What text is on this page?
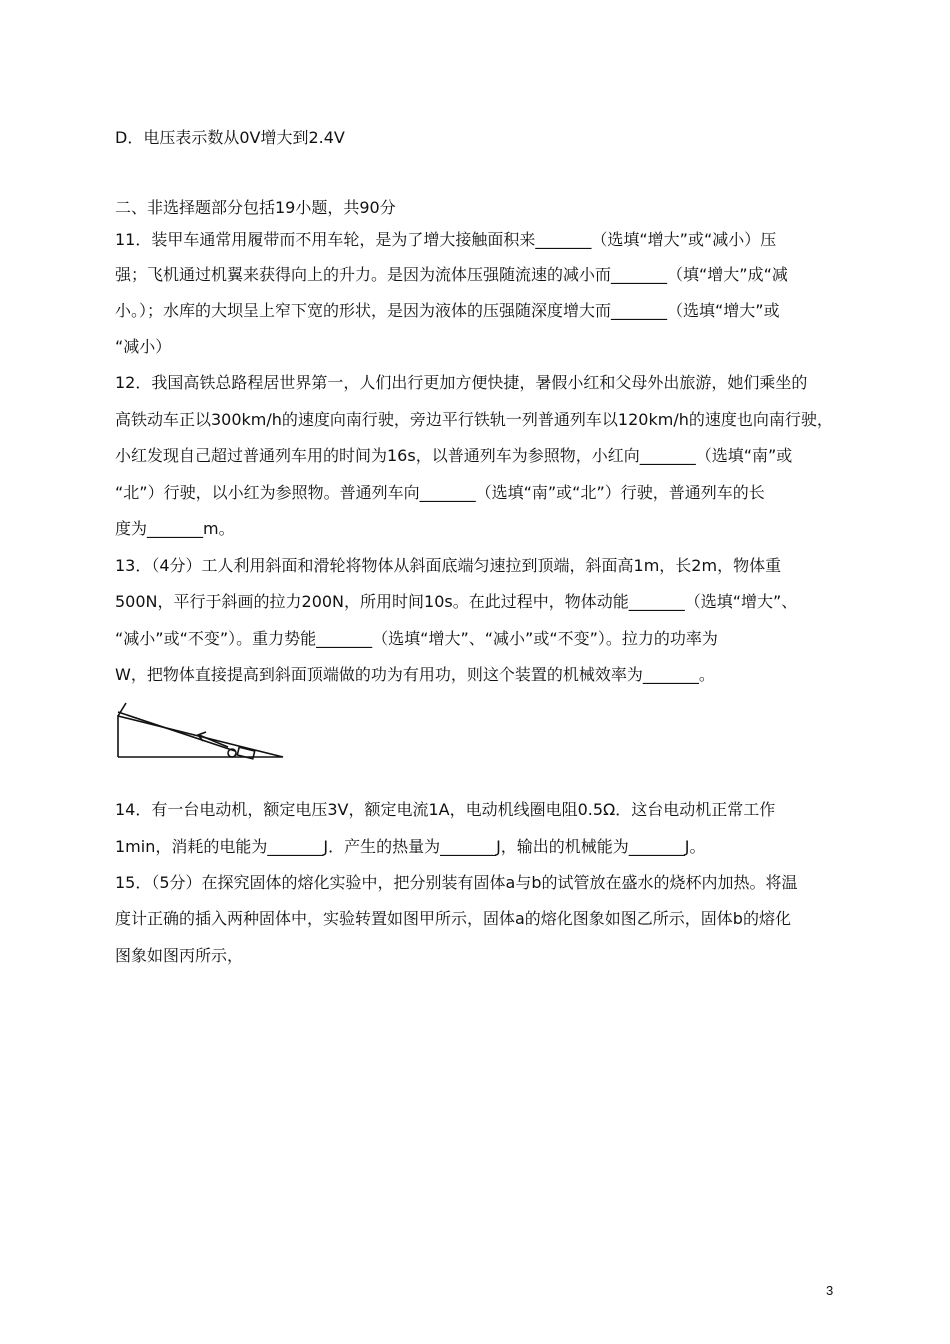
D．电压表示数从0V增大到2.4V
二、非选择题部分包括19小题，共90分
11．装甲车通常用履带而不用车轮，是为了增大接触面积来_______（选填“增大”或“减小）压
强；飞机通过机翼来获得向上的升力。是因为流体压强随流速的减小而_______（填“增大”成“减
小。）；水库的大坝呈上窄下宽的形状，是因为液体的压强随深度增大而_______（选填“增大”或
“减小）
12．我国高铁总路程居世界第一，人们出行更加方便快捷，暑假小红和父母外出旅游，她们乘坐的
高铁动车正以300km/h的速度向南行驶，旁边平行铁轨一列普通列车以120km/h的速度也向南行驶，
小红发现自己超过普通列车用的时间为16s，以普通列车为参照物，小红向_______（选填“南”或
“北”）行驶，以小红为参照物。普通列车向_______（选填“南”或“北”）行驶，普通列车的长
度为_______m。
13．（4分）工人利用斜面和滑轮将物体从斜面底端匀速拉到顶端，斜面高1m，长2m，物体重
500N，平行于斜画的拉力200N，所用时间10s。在此过程中，物体动能_______（选填“增大”、
“减小”或“不变”）。重力势能_______（选填“增大”、“减小”或“不变”）。拉力的功率为
W，把物体直接提高到斜面顶端做的功为有用功，则这个装置的机械效率为_______。
14．有一台电动机，额定电压3V，额定电流1A，电动机线圈电阻0.5Ω．这台电动机正常工作
1min，消耗的电能为_______J．产生的热量为_______J，输出的机械能为_______J。
15．（5分）在探究固体的熔化实验中，把分别装有固体a与b的试管放在盛水的烧杯内加热。将温
度计正确的插入两种固体中，实验转置如图甲所示，固体a的熔化图象如图乙所示，固体b的熔化
图象如图丙所示，
3
